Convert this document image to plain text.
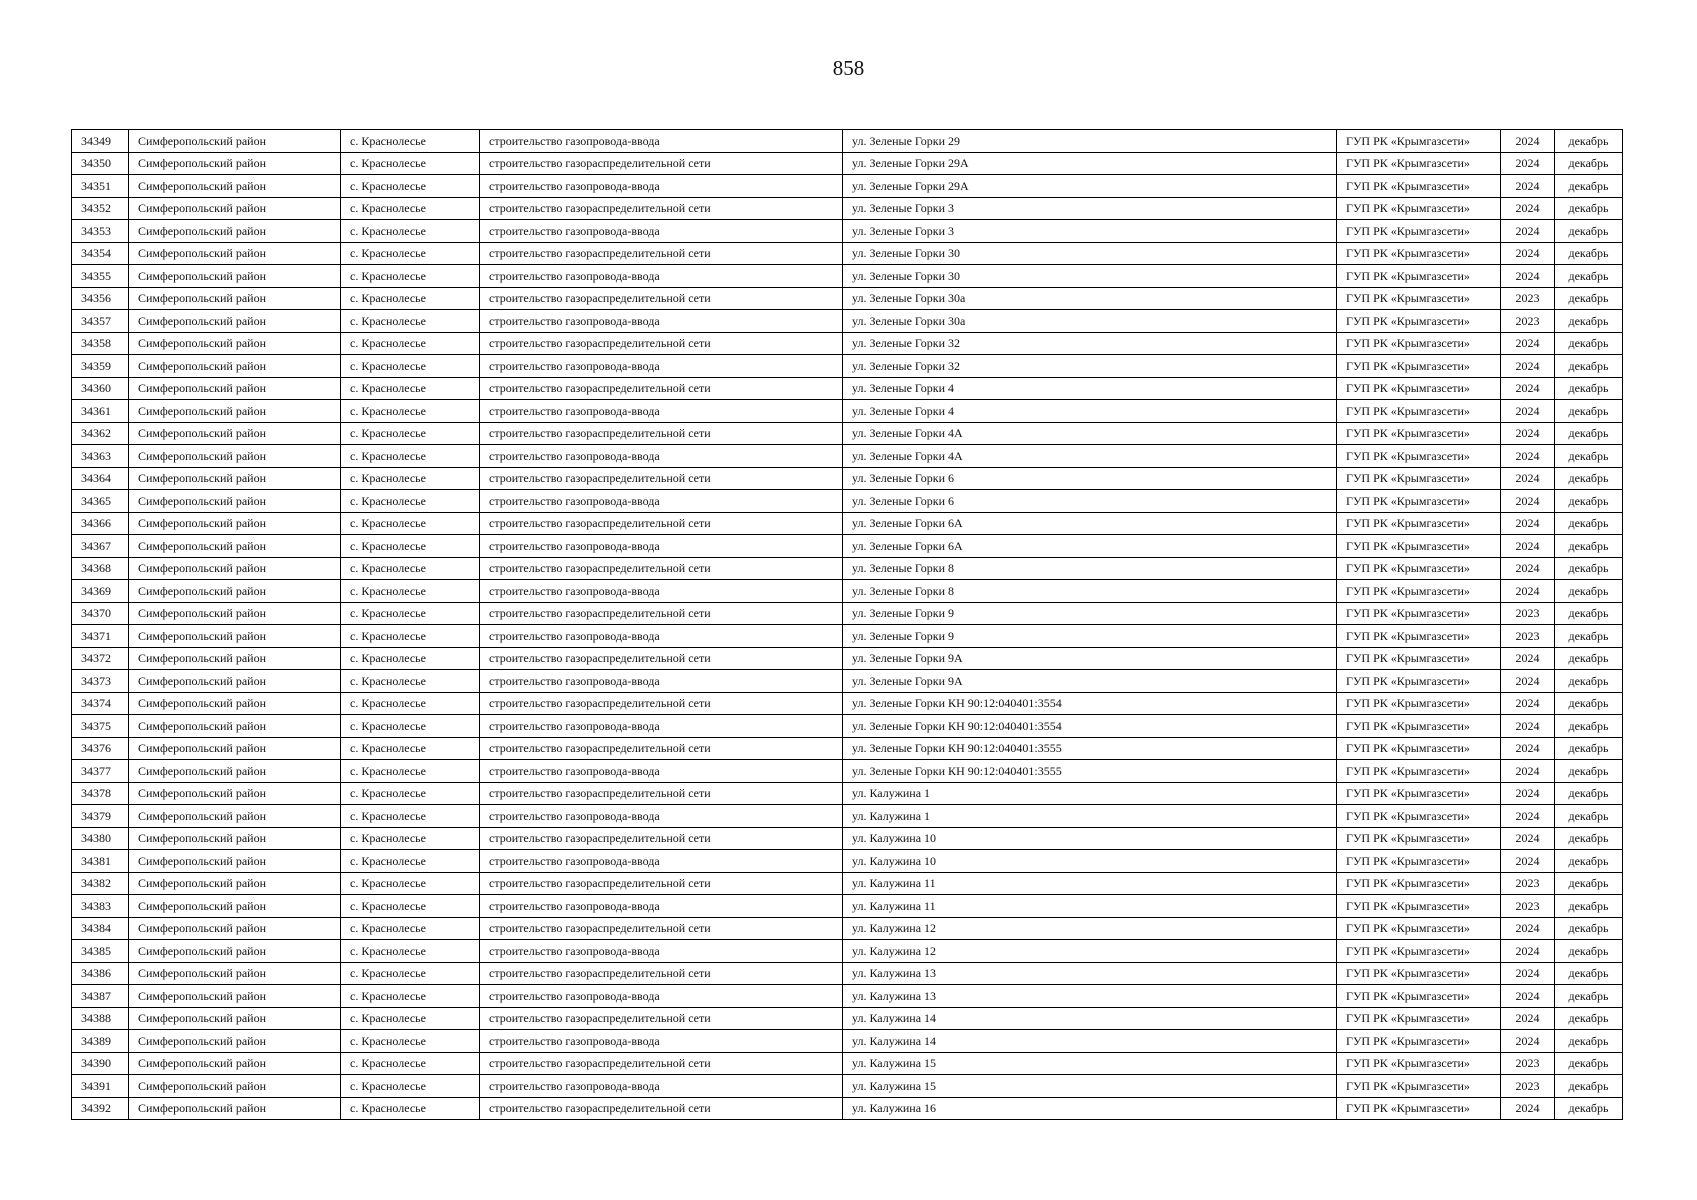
858
34349	Симферопольский район	с. Краснолесье	строительство газопровода-ввода	ул. Зеленые Горки 29	ГУП РК «Крымгазсети»	2024	декабрь
34350	Симферопольский район	с. Краснолесье	строительство газораспределительной сети	ул. Зеленые Горки 29А	ГУП РК «Крымгазсети»	2024	декабрь
34351	Симферопольский район	с. Краснолесье	строительство газопровода-ввода	ул. Зеленые Горки 29А	ГУП РК «Крымгазсети»	2024	декабрь
34352	Симферопольский район	с. Краснолесье	строительство газораспределительной сети	ул. Зеленые Горки 3	ГУП РК «Крымгазсети»	2024	декабрь
34353	Симферопольский район	с. Краснолесье	строительство газопровода-ввода	ул. Зеленые Горки 3	ГУП РК «Крымгазсети»	2024	декабрь
34354	Симферопольский район	с. Краснолесье	строительство газораспределительной сети	ул. Зеленые Горки 30	ГУП РК «Крымгазсети»	2024	декабрь
34355	Симферопольский район	с. Краснолесье	строительство газопровода-ввода	ул. Зеленые Горки 30	ГУП РК «Крымгазсети»	2024	декабрь
34356	Симферопольский район	с. Краснолесье	строительство газораспределительной сети	ул. Зеленые Горки 30а	ГУП РК «Крымгазсети»	2023	декабрь
34357	Симферопольский район	с. Краснолесье	строительство газопровода-ввода	ул. Зеленые Горки 30а	ГУП РК «Крымгазсети»	2023	декабрь
34358	Симферопольский район	с. Краснолесье	строительство газораспределительной сети	ул. Зеленые Горки 32	ГУП РК «Крымгазсети»	2024	декабрь
34359	Симферопольский район	с. Краснолесье	строительство газопровода-ввода	ул. Зеленые Горки 32	ГУП РК «Крымгазсети»	2024	декабрь
34360	Симферопольский район	с. Краснолесье	строительство газораспределительной сети	ул. Зеленые Горки 4	ГУП РК «Крымгазсети»	2024	декабрь
34361	Симферопольский район	с. Краснолесье	строительство газопровода-ввода	ул. Зеленые Горки 4	ГУП РК «Крымгазсети»	2024	декабрь
34362	Симферопольский район	с. Краснолесье	строительство газораспределительной сети	ул. Зеленые Горки 4А	ГУП РК «Крымгазсети»	2024	декабрь
34363	Симферопольский район	с. Краснолесье	строительство газопровода-ввода	ул. Зеленые Горки 4А	ГУП РК «Крымгазсети»	2024	декабрь
34364	Симферопольский район	с. Краснолесье	строительство газораспределительной сети	ул. Зеленые Горки 6	ГУП РК «Крымгазсети»	2024	декабрь
34365	Симферопольский район	с. Краснолесье	строительство газопровода-ввода	ул. Зеленые Горки 6	ГУП РК «Крымгазсети»	2024	декабрь
34366	Симферопольский район	с. Краснолесье	строительство газораспределительной сети	ул. Зеленые Горки 6А	ГУП РК «Крымгазсети»	2024	декабрь
34367	Симферопольский район	с. Краснолесье	строительство газопровода-ввода	ул. Зеленые Горки 6А	ГУП РК «Крымгазсети»	2024	декабрь
34368	Симферопольский район	с. Краснолесье	строительство газораспределительной сети	ул. Зеленые Горки 8	ГУП РК «Крымгазсети»	2024	декабрь
34369	Симферопольский район	с. Краснолесье	строительство газопровода-ввода	ул. Зеленые Горки 8	ГУП РК «Крымгазсети»	2024	декабрь
34370	Симферопольский район	с. Краснолесье	строительство газораспределительной сети	ул. Зеленые Горки 9	ГУП РК «Крымгазсети»	2023	декабрь
34371	Симферопольский район	с. Краснолесье	строительство газопровода-ввода	ул. Зеленые Горки 9	ГУП РК «Крымгазсети»	2023	декабрь
34372	Симферопольский район	с. Краснолесье	строительство газораспределительной сети	ул. Зеленые Горки 9А	ГУП РК «Крымгазсети»	2024	декабрь
34373	Симферопольский район	с. Краснолесье	строительство газопровода-ввода	ул. Зеленые Горки 9А	ГУП РК «Крымгазсети»	2024	декабрь
34374	Симферопольский район	с. Краснолесье	строительство газораспределительной сети	ул. Зеленые Горки КН 90:12:040401:3554	ГУП РК «Крымгазсети»	2024	декабрь
34375	Симферопольский район	с. Краснолесье	строительство газопровода-ввода	ул. Зеленые Горки КН 90:12:040401:3554	ГУП РК «Крымгазсети»	2024	декабрь
34376	Симферопольский район	с. Краснолесье	строительство газораспределительной сети	ул. Зеленые Горки КН 90:12:040401:3555	ГУП РК «Крымгазсети»	2024	декабрь
34377	Симферопольский район	с. Краснолесье	строительство газопровода-ввода	ул. Зеленые Горки КН 90:12:040401:3555	ГУП РК «Крымгазсети»	2024	декабрь
34378	Симферопольский район	с. Краснолесье	строительство газораспределительной сети	ул. Калужина 1	ГУП РК «Крымгазсети»	2024	декабрь
34379	Симферопольский район	с. Краснолесье	строительство газопровода-ввода	ул. Калужина 1	ГУП РК «Крымгазсети»	2024	декабрь
34380	Симферопольский район	с. Краснолесье	строительство газораспределительной сети	ул. Калужина 10	ГУП РК «Крымгазсети»	2024	декабрь
34381	Симферопольский район	с. Краснолесье	строительство газопровода-ввода	ул. Калужина 10	ГУП РК «Крымгазсети»	2024	декабрь
34382	Симферопольский район	с. Краснолесье	строительство газораспределительной сети	ул. Калужина 11	ГУП РК «Крымгазсети»	2023	декабрь
34383	Симферопольский район	с. Краснолесье	строительство газопровода-ввода	ул. Калужина 11	ГУП РК «Крымгазсети»	2023	декабрь
34384	Симферопольский район	с. Краснолесье	строительство газораспределительной сети	ул. Калужина 12	ГУП РК «Крымгазсети»	2024	декабрь
34385	Симферопольский район	с. Краснолесье	строительство газопровода-ввода	ул. Калужина 12	ГУП РК «Крымгазсети»	2024	декабрь
34386	Симферопольский район	с. Краснолесье	строительство газораспределительной сети	ул. Калужина 13	ГУП РК «Крымгазсети»	2024	декабрь
34387	Симферопольский район	с. Краснолесье	строительство газопровода-ввода	ул. Калужина 13	ГУП РК «Крымгазсети»	2024	декабрь
34388	Симферопольский район	с. Краснолесье	строительство газораспределительной сети	ул. Калужина 14	ГУП РК «Крымгазсети»	2024	декабрь
34389	Симферопольский район	с. Краснолесье	строительство газопровода-ввода	ул. Калужина 14	ГУП РК «Крымгазсети»	2024	декабрь
34390	Симферопольский район	с. Краснолесье	строительство газораспределительной сети	ул. Калужина 15	ГУП РК «Крымгазсети»	2023	декабрь
34391	Симферопольский район	с. Краснолесье	строительство газопровода-ввода	ул. Калужина 15	ГУП РК «Крымгазсети»	2023	декабрь
34392	Симферопольский район	с. Краснолесье	строительство газораспределительной сети	ул. Калужина 16	ГУП РК «Крымгазсети»	2024	декабрь
